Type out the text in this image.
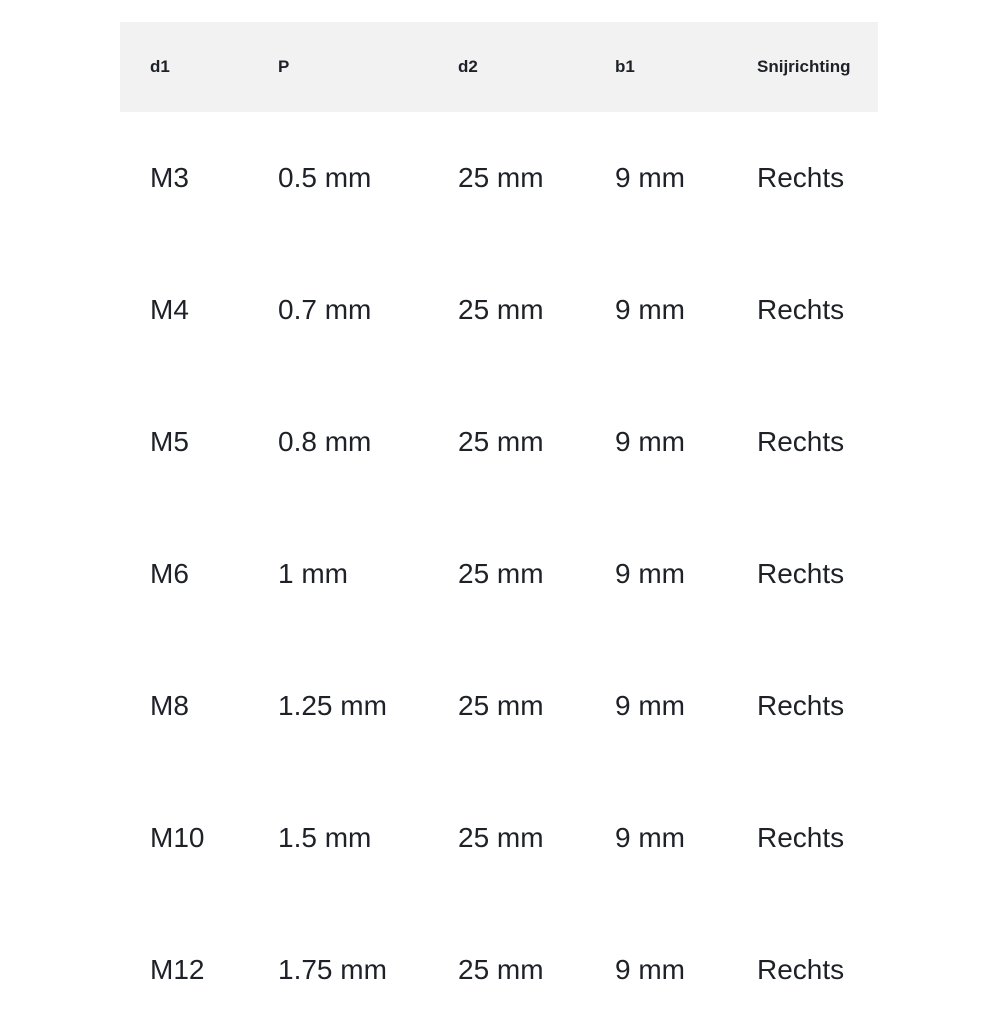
d1	P	d2	b1	Snijrichting
M3	0.5 mm	25 mm	9 mm	Rechts
M4	0.7 mm	25 mm	9 mm	Rechts
M5	0.8 mm	25 mm	9 mm	Rechts
M6	1 mm	25 mm	9 mm	Rechts
M8	1.25 mm	25 mm	9 mm	Rechts
M10	1.5 mm	25 mm	9 mm	Rechts
M12	1.75 mm	25 mm	9 mm	Rechts
